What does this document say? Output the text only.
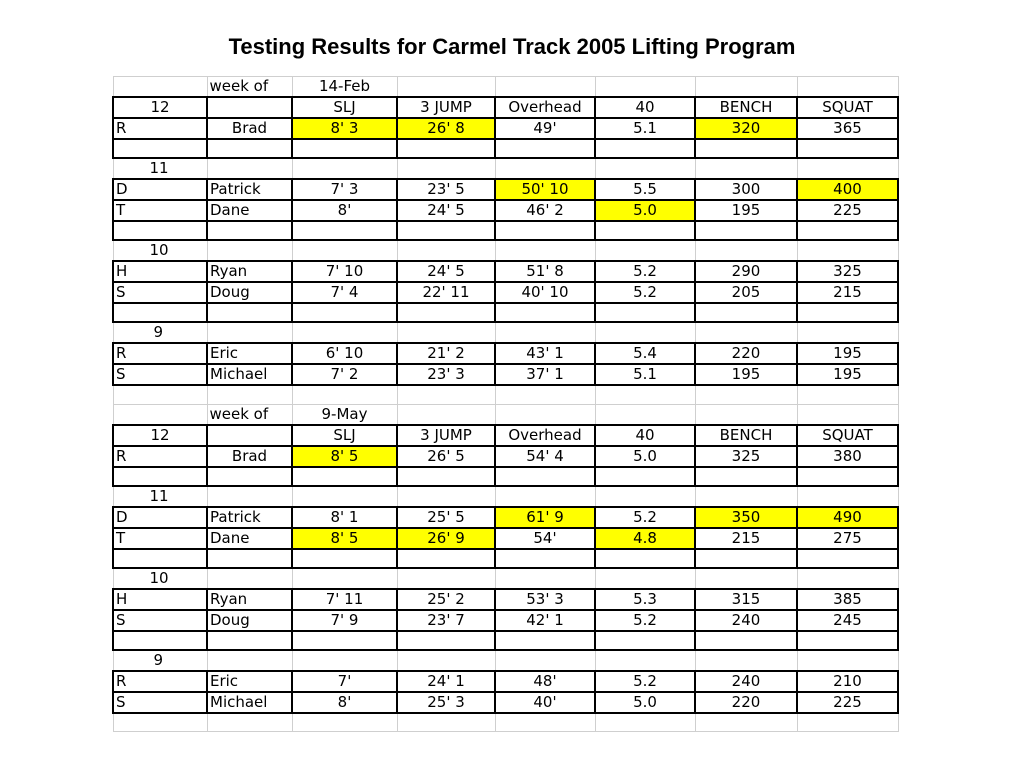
Testing Results for Carmel Track 2005 Lifting Program
	week of	14-Feb					
12		SLJ	3 JUMP	Overhead	40	BENCH	SQUAT
R	Brad	8' 3	26' 8	49'	5.1	320	365

11							
D	Patrick	7' 3	23' 5	50' 10	5.5	300	400
T	Dane	8'	24' 5	46' 2	5.0	195	225

10							
H	Ryan	7' 10	24' 5	51' 8	5.2	290	325
S	Doug	7' 4	22' 11	40' 10	5.2	205	215

9							
R	Eric	6' 10	21' 2	43' 1	5.4	220	195
S	Michael	7' 2	23' 3	37' 1	5.1	195	195

	week of	9-May					
12		SLJ	3 JUMP	Overhead	40	BENCH	SQUAT
R	Brad	8' 5	26' 5	54' 4	5.0	325	380

11							
D	Patrick	8' 1	25' 5	61' 9	5.2	350	490
T	Dane	8' 5	26' 9	54'	4.8	215	275

10							
H	Ryan	7' 11	25' 2	53' 3	5.3	315	385
S	Doug	7' 9	23' 7	42' 1	5.2	240	245

9							
R	Eric	7'	24' 1	48'	5.2	240	210
S	Michael	8'	25' 3	40'	5.0	220	225
